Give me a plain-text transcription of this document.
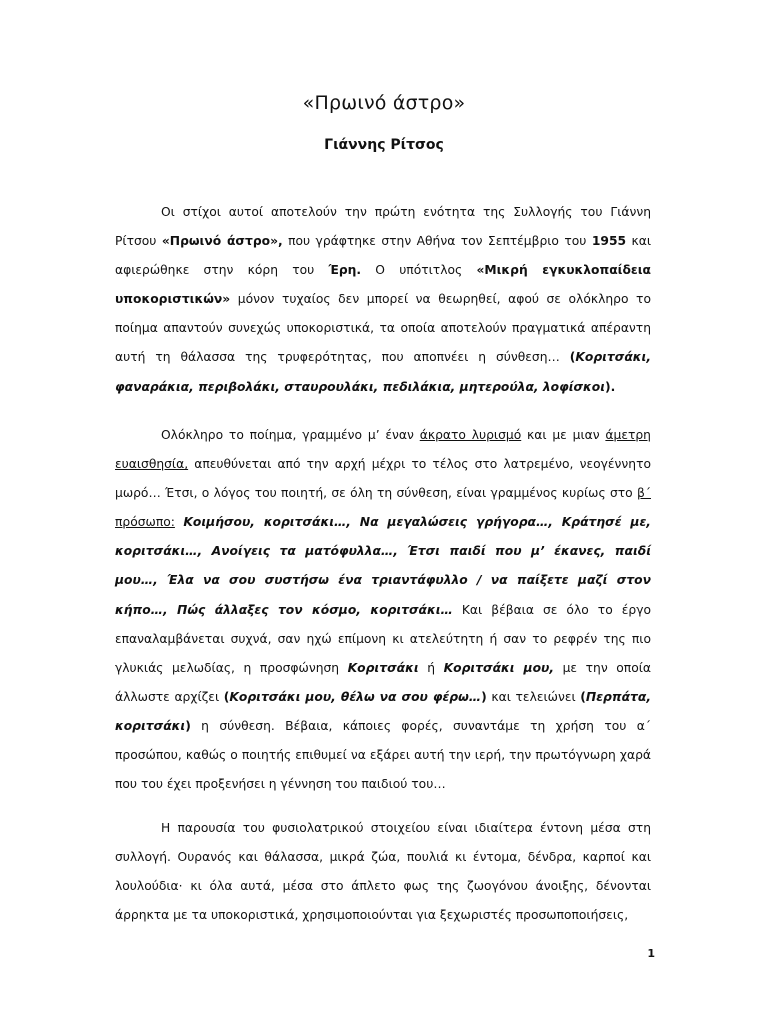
«Πρωινό άστρο»
Γιάννης Ρίτσος

Οι στίχοι αυτοί αποτελούν την πρώτη ενότητα της Συλλογής του Γιάννη Ρίτσου «Πρωινό άστρο», που γράφτηκε στην Αθήνα τον Σεπτέμβριο του 1955 και αφιερώθηκε στην κόρη του Έρη. Ο υπότιτλος «Μικρή εγκυκλοπαίδεια υποκοριστικών» μόνον τυχαίος δεν μπορεί να θεωρηθεί, αφού σε ολόκληρο το ποίημα απαντούν συνεχώς υποκοριστικά, τα οποία αποτελούν πραγματικά απέραντη αυτή τη θάλασσα της τρυφερότητας, που αποπνέει η σύνθεση… (Κοριτσάκι, φαναράκια, περιβολάκι, σταυρουλάκι, πεδιλάκια, μητερούλα, λοφίσκοι).

Ολόκληρο το ποίημα, γραμμένο μ’ έναν άκρατο λυρισμό και με μιαν άμετρη ευαισθησία, απευθύνεται από την αρχή μέχρι το τέλος στο λατρεμένο, νεογέννητο μωρό… Έτσι, ο λόγος του ποιητή, σε όλη τη σύνθεση, είναι γραμμένος κυρίως στο β΄ πρόσωπο: Κοιμήσου, κοριτσάκι…, Να μεγαλώσεις γρήγορα…, Κράτησέ με, κοριτσάκι…, Ανοίγεις τα ματόφυλλα…, Έτσι παιδί που μ’ έκανες, παιδί μου…, Έλα να σου συστήσω ένα τριαντάφυλλο / να παίξετε μαζί στον κήπο…, Πώς άλλαξες τον κόσμο, κοριτσάκι… Και βέβαια σε όλο το έργο επαναλαμβάνεται συχνά, σαν ηχώ επίμονη κι ατελεύτητη ή σαν το ρεφρέν της πιο γλυκιάς μελωδίας, η προσφώνηση Κοριτσάκι ή Κοριτσάκι μου, με την οποία άλλωστε αρχίζει (Κοριτσάκι μου, θέλω να σου φέρω…) και τελειώνει (Περπάτα, κοριτσάκι) η σύνθεση. Βέβαια, κάποιες φορές, συναντάμε τη χρήση του α΄ προσώπου, καθώς ο ποιητής επιθυμεί να εξάρει αυτή την ιερή, την πρωτόγνωρη χαρά που του έχει προξενήσει η γέννηση του παιδιού του…

Η παρουσία του φυσιολατρικού στοιχείου είναι ιδιαίτερα έντονη μέσα στη συλλογή. Ουρανός και θάλασσα, μικρά ζώα, πουλιά κι έντομα, δένδρα, καρποί και λουλούδια· κι όλα αυτά, μέσα στο άπλετο φως της ζωογόνου άνοιξης, δένονται άρρηκτα με τα υποκοριστικά, χρησιμοποιούνται για ξεχωριστές προσωποποιήσεις,

1
